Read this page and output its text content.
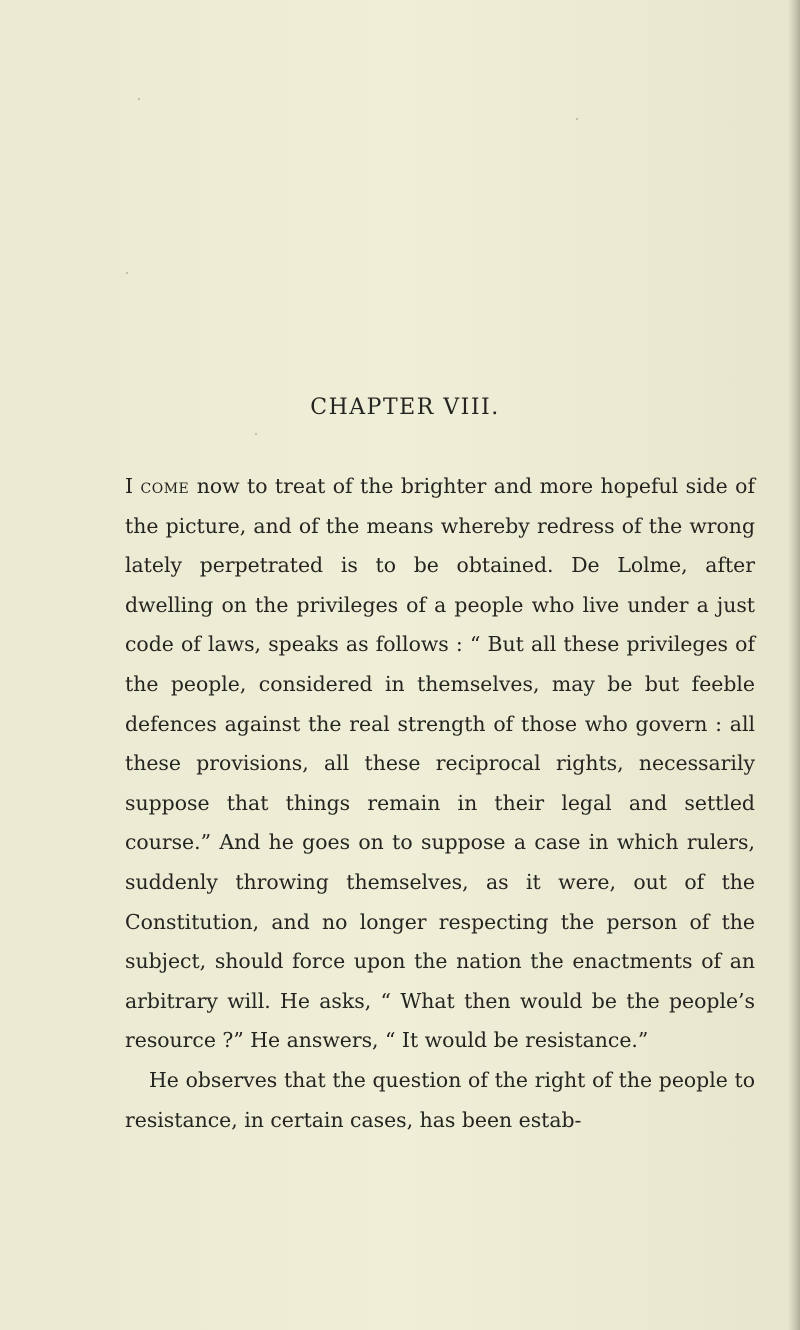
CHAPTER VIII.

I come now to treat of the brighter and more hopeful side of the picture, and of the means whereby redress of the wrong lately perpetrated is to be obtained. De Lolme, after dwelling on the privileges of a people who live under a just code of laws, speaks as follows : “ But all these privileges of the people, considered in themselves, may be but feeble defences against the real strength of those who govern : all these provisions, all these reciprocal rights, necessarily suppose that things remain in their legal and settled course.” And he goes on to suppose a case in which rulers, suddenly throwing themselves, as it were, out of the Constitution, and no longer respecting the person of the subject, should force upon the nation the enactments of an arbitrary will. He asks, “ What then would be the people’s resource ?” He answers, “ It would be resistance.”

He observes that the question of the right of the people to resistance, in certain cases, has been estab-
